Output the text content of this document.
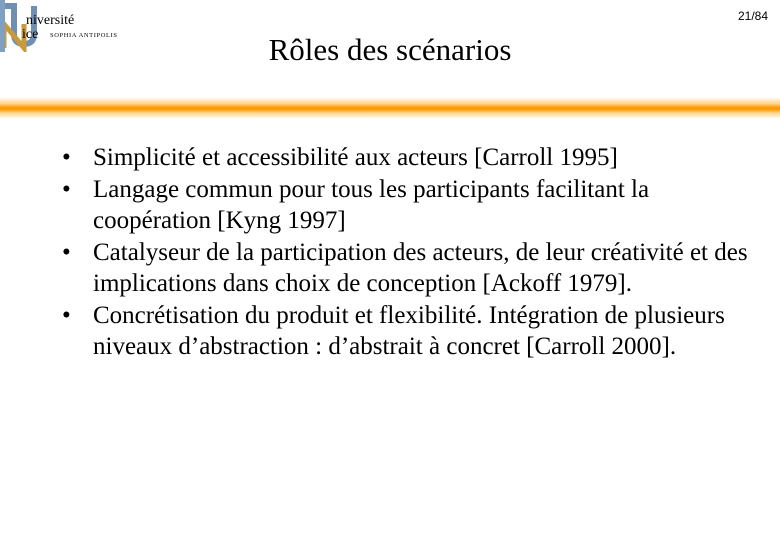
niversité
ice SOPHIA ANTIPOLIS
21/84
Rôles des scénarios
• Simplicité et accessibilité aux acteurs [Carroll 1995]
• Langage commun pour tous les participants facilitant la coopération [Kyng 1997]
• Catalyseur de la participation des acteurs, de leur créativité et des implications dans choix de conception [Ackoff 1979].
• Concrétisation du produit et flexibilité. Intégration de plusieurs niveaux d’abstraction : d’abstrait à concret [Carroll 2000].
